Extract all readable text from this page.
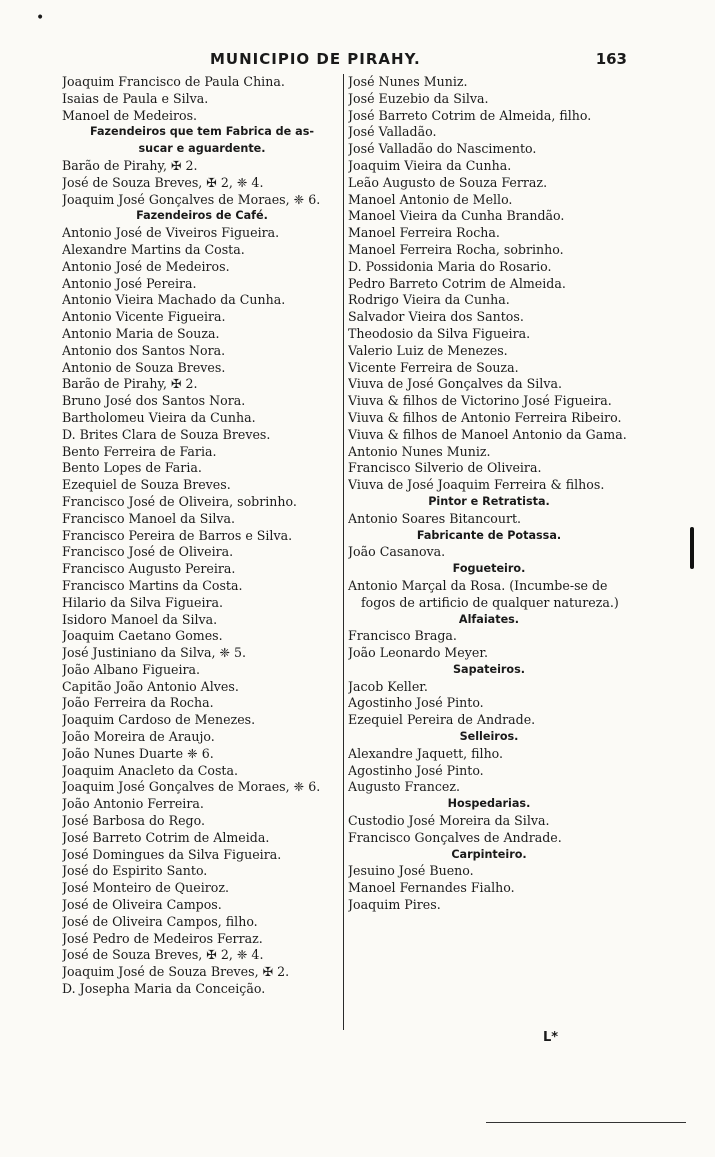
•
MUNICIPIO DE PIRAHY.	163
Joaquim Francisco de Paula China.
Isaias de Paula e Silva.
Manoel de Medeiros.
Fazendeiros que tem Fabrica de as-
sucar e aguardente.
Barão de Pirahy, ✠ 2.
José de Souza Breves, ✠ 2, ❈ 4.
Joaquim José Gonçalves de Moraes, ❈ 6.
Fazendeiros de Café.
Antonio José de Viveiros Figueira.
Alexandre Martins da Costa.
Antonio José de Medeiros.
Antonio José Pereira.
Antonio Vieira Machado da Cunha.
Antonio Vicente Figueira.
Antonio Maria de Souza.
Antonio dos Santos Nora.
Antonio de Souza Breves.
Barão de Pirahy, ✠ 2.
Bruno José dos Santos Nora.
Bartholomeu Vieira da Cunha.
D. Brites Clara de Souza Breves.
Bento Ferreira de Faria.
Bento Lopes de Faria.
Ezequiel de Souza Breves.
Francisco José de Oliveira, sobrinho.
Francisco Manoel da Silva.
Francisco Pereira de Barros e Silva.
Francisco José de Oliveira.
Francisco Augusto Pereira.
Francisco Martins da Costa.
Hilario da Silva Figueira.
Isidoro Manoel da Silva.
Joaquim Caetano Gomes.
José Justiniano da Silva, ❈ 5.
João Albano Figueira.
Capitão João Antonio Alves.
João Ferreira da Rocha.
Joaquim Cardoso de Menezes.
João Moreira de Araujo.
João Nunes Duarte ❈ 6.
Joaquim Anacleto da Costa.
Joaquim José Gonçalves de Moraes, ❈ 6.
João Antonio Ferreira.
José Barbosa do Rego.
José Barreto Cotrim de Almeida.
José Domingues da Silva Figueira.
José do Espirito Santo.
José Monteiro de Queiroz.
José de Oliveira Campos.
José de Oliveira Campos, filho.
José Pedro de Medeiros Ferraz.
José de Souza Breves, ✠ 2, ❈ 4.
Joaquim José de Souza Breves, ✠ 2.
D. Josepha Maria da Conceição.
José Nunes Muniz.
José Euzebio da Silva.
José Barreto Cotrim de Almeida, filho.
José Valladão.
José Valladão do Nascimento.
Joaquim Vieira da Cunha.
Leão Augusto de Souza Ferraz.
Manoel Antonio de Mello.
Manoel Vieira da Cunha Brandão.
Manoel Ferreira Rocha.
Manoel Ferreira Rocha, sobrinho.
D. Possidonia Maria do Rosario.
Pedro Barreto Cotrim de Almeida.
Rodrigo Vieira da Cunha.
Salvador Vieira dos Santos.
Theodosio da Silva Figueira.
Valerio Luiz de Menezes.
Vicente Ferreira de Souza.
Viuva de José Gonçalves da Silva.
Viuva & filhos de Victorino José Figueira.
Viuva & filhos de Antonio Ferreira Ribeiro.
Viuva & filhos de Manoel Antonio da Gama.
Antonio Nunes Muniz.
Francisco Silverio de Oliveira.
Viuva de José Joaquim Ferreira & filhos.
Pintor e Retratista.
Antonio Soares Bitancourt.
Fabricante de Potassa.
João Casanova.
Fogueteiro.
Antonio Marçal da Rosa. (Incumbe-se de fogos de artificio de qualquer natureza.)
Alfaiates.
Francisco Braga.
João Leonardo Meyer.
Sapateiros.
Jacob Keller.
Agostinho José Pinto.
Ezequiel Pereira de Andrade.
Selleiros.
Alexandre Jaquett, filho.
Agostinho José Pinto.
Augusto Francez.
Hospedarias.
Custodio José Moreira da Silva.
Francisco Gonçalves de Andrade.
Carpinteiro.
Jesuino José Bueno.
Manoel Fernandes Fialho.
Joaquim Pires.
L*
